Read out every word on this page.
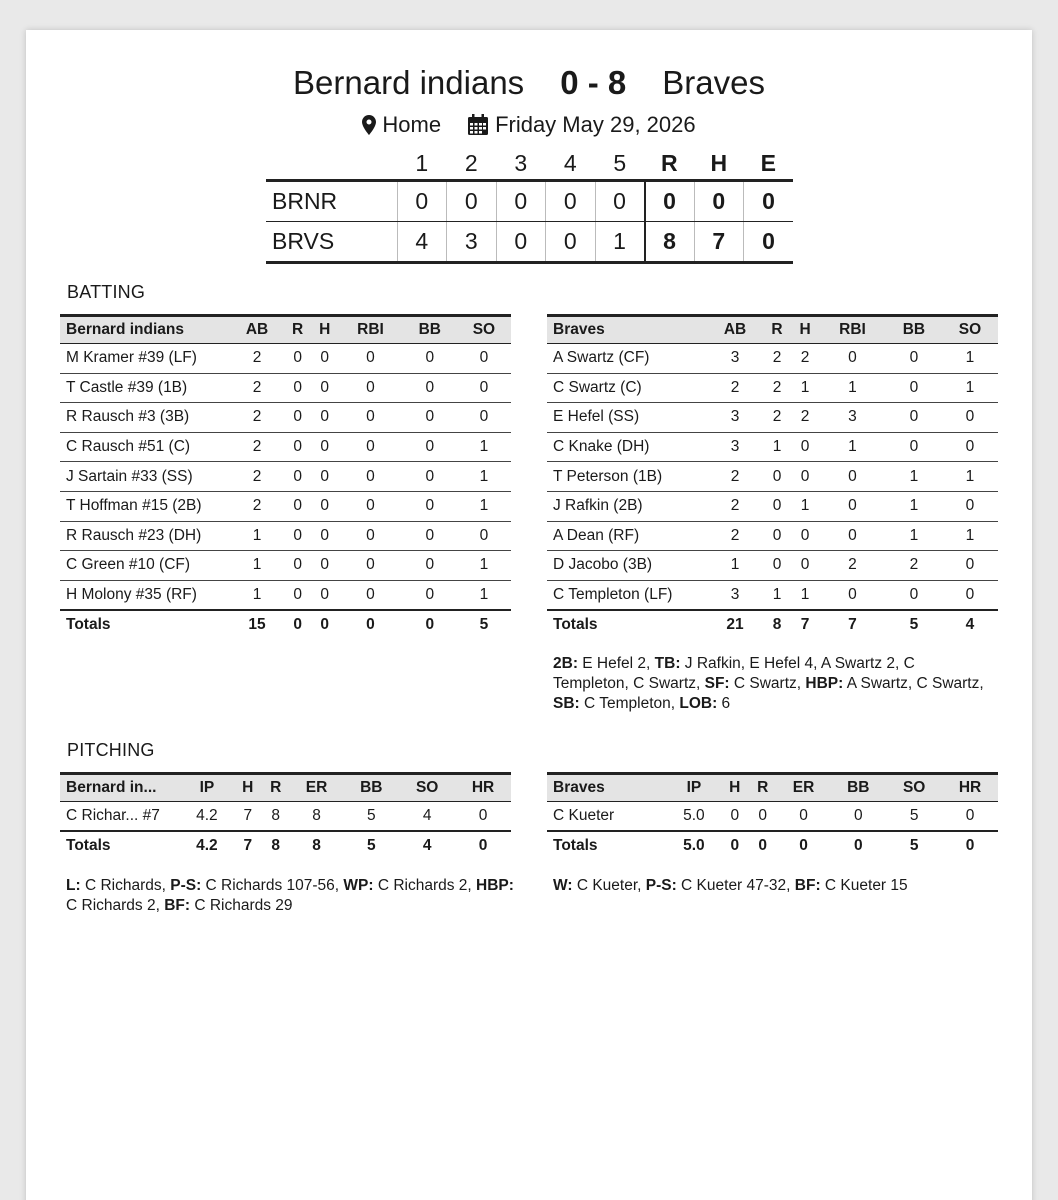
Bernard indians 0 - 8 Braves
Home Friday May 29, 2026
	1	2	3	4	5	R	H	E
BRNR	0	0	0	0	0	0	0	0
BRVS	4	3	0	0	1	8	7	0
BATTING
Bernard indians	AB	R	H	RBI	BB	SO
M Kramer #39 (LF)	2	0	0	0	0	0
T Castle #39 (1B)	2	0	0	0	0	0
R Rausch #3 (3B)	2	0	0	0	0	0
C Rausch #51 (C)	2	0	0	0	0	1
J Sartain #33 (SS)	2	0	0	0	0	1
T Hoffman #15 (2B)	2	0	0	0	0	1
R Rausch #23 (DH)	1	0	0	0	0	0
C Green #10 (CF)	1	0	0	0	0	1
H Molony #35 (RF)	1	0	0	0	0	1
Totals	15	0	0	0	0	5
Braves	AB	R	H	RBI	BB	SO
A Swartz (CF)	3	2	2	0	0	1
C Swartz (C)	2	2	1	1	0	1
E Hefel (SS)	3	2	2	3	0	0
C Knake (DH)	3	1	0	1	0	0
T Peterson (1B)	2	0	0	0	1	1
J Rafkin (2B)	2	0	1	0	1	0
A Dean (RF)	2	0	0	0	1	1
D Jacobo (3B)	1	0	0	2	2	0
C Templeton (LF)	3	1	1	0	0	0
Totals	21	8	7	7	5	4
2B: E Hefel 2, TB: J Rafkin, E Hefel 4, A Swartz 2, C Templeton, C Swartz, SF: C Swartz, HBP: A Swartz, C Swartz, SB: C Templeton, LOB: 6
PITCHING
Bernard in...	IP	H	R	ER	BB	SO	HR
C Richar... #7	4.2	7	8	8	5	4	0
Totals	4.2	7	8	8	5	4	0
Braves	IP	H	R	ER	BB	SO	HR
C Kueter	5.0	0	0	0	0	5	0
Totals	5.0	0	0	0	0	5	0
L: C Richards, P-S: C Richards 107-56, WP: C Richards 2, HBP: C Richards 2, BF: C Richards 29
W: C Kueter, P-S: C Kueter 47-32, BF: C Kueter 15
